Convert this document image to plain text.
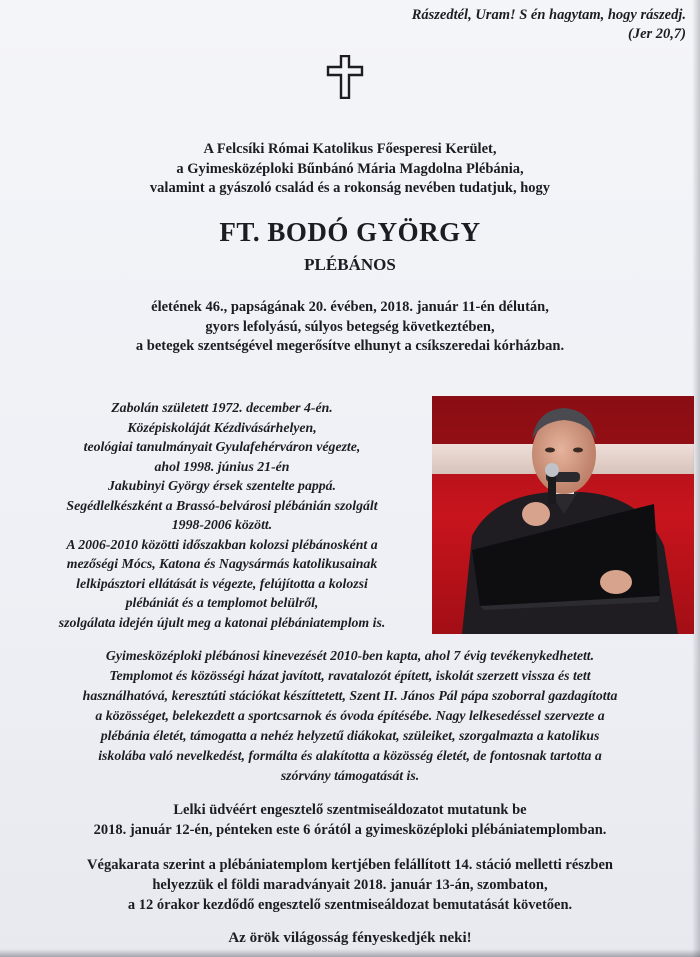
Rászedtél, Uram! S én hagytam, hogy rászedj.
(Jer 20,7)
A Felcsíki Római Katolikus Főesperesi Kerület,
a Gyimesközéploki Bűnbánó Mária Magdolna Plébánia,
valamint a gyászoló család és a rokonság nevében tudatjuk, hogy
FT. BODÓ GYÖRGY
PLÉBÁNOS
életének 46., papságának 20. évében, 2018. január 11-én délután,
gyors lefolyású, súlyos betegség következtében,
a betegek szentségével megerősítve elhunyt a csíkszeredai kórházban.
Zabolán született 1972. december 4-én.
Középiskoláját Kézdivásárhelyen,
teológiai tanulmányait Gyulafehérváron végezte,
ahol 1998. június 21-én
Jakubinyi György érsek szentelte pappá.
Segédlelkészként a Brassó-belvárosi plébánián szolgált
1998-2006 között.
A 2006-2010 közötti időszakban kolozsi plébánosként a
mezőségi Mócs, Katona és Nagysármás katolikusainak
lelkipásztori ellátását is végezte, felújította a kolozsi
plébániát és a templomot belülről,
szolgálata idején újult meg a katonai plébániatemplom is.
Gyimesközéploki plébánosi kinevezését 2010-ben kapta, ahol 7 évig tevékenykedhetett.
Templomot és közösségi házat javított, ravatalozót épített, iskolát szerzett vissza és tett
használhatóvá, keresztúti stációkat készíttetett, Szent II. János Pál pápa szoborral gazdagította
a közösséget, belekezdett a sportcsarnok és óvoda építésébe. Nagy lelkesedéssel szervezte a
plébánia életét, támogatta a nehéz helyzetű diákokat, szüleiket, szorgalmazta a katolikus
iskolába való nevelkedést, formálta és alakította a közösség életét, de fontosnak tartotta a
szórvány támogatását is.
Lelki üdvéért engesztelő szentmiseáldozatot mutatunk be
2018. január 12-én, pénteken este 6 órától a gyimesközéploki plébániatemplomban.
Végakarata szerint a plébániatemplom kertjében felállított 14. stáció melletti részben
helyezzük el földi maradványait 2018. január 13-án, szombaton,
a 12 órakor kezdődő engesztelő szentmiseáldozat bemutatását követően.
Az örök világosság fényeskedjék neki!
